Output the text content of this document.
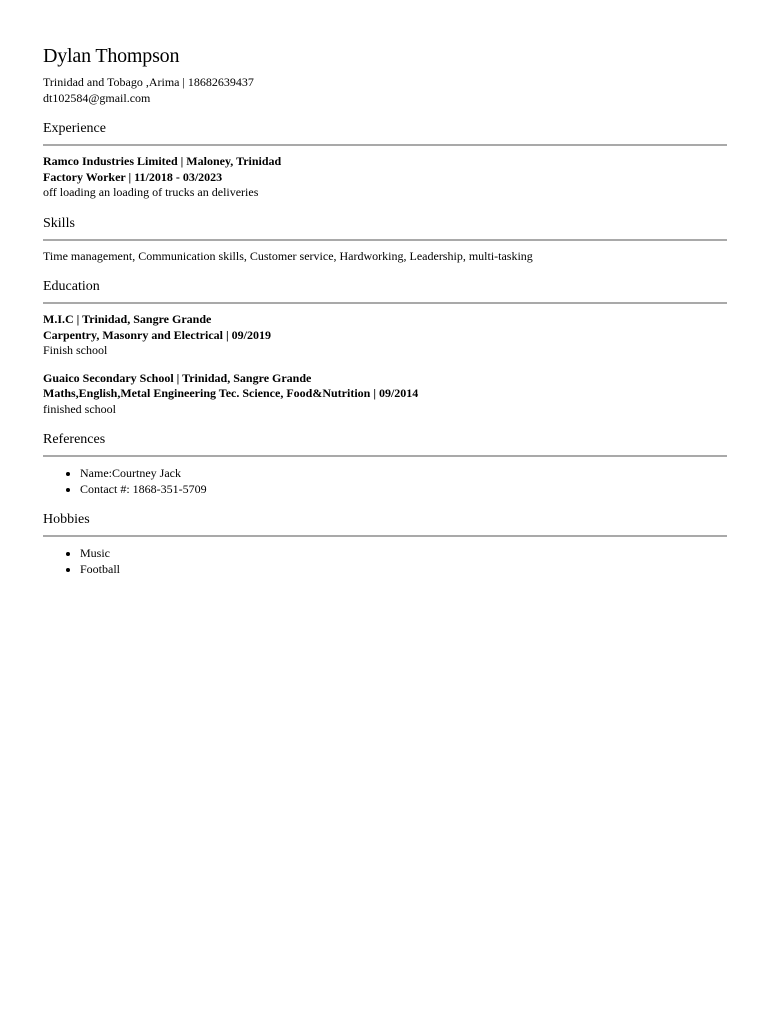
Dylan Thompson
Trinidad and Tobago ,Arima | 18682639437
dt102584@gmail.com
Experience
Ramco Industries Limited | Maloney, Trinidad
Factory Worker | 11/2018 - 03/2023
off loading an loading of trucks an deliveries
Skills
Time management, Communication skills, Customer service, Hardworking, Leadership, multi-tasking
Education
M.I.C | Trinidad, Sangre Grande
Carpentry, Masonry and Electrical | 09/2019
Finish school
Guaico Secondary School | Trinidad, Sangre Grande
Maths,English,Metal Engineering Tec. Science, Food&Nutrition | 09/2014
finished school
References
• Name:Courtney Jack
• Contact #: 1868-351-5709
Hobbies
• Music
• Football
